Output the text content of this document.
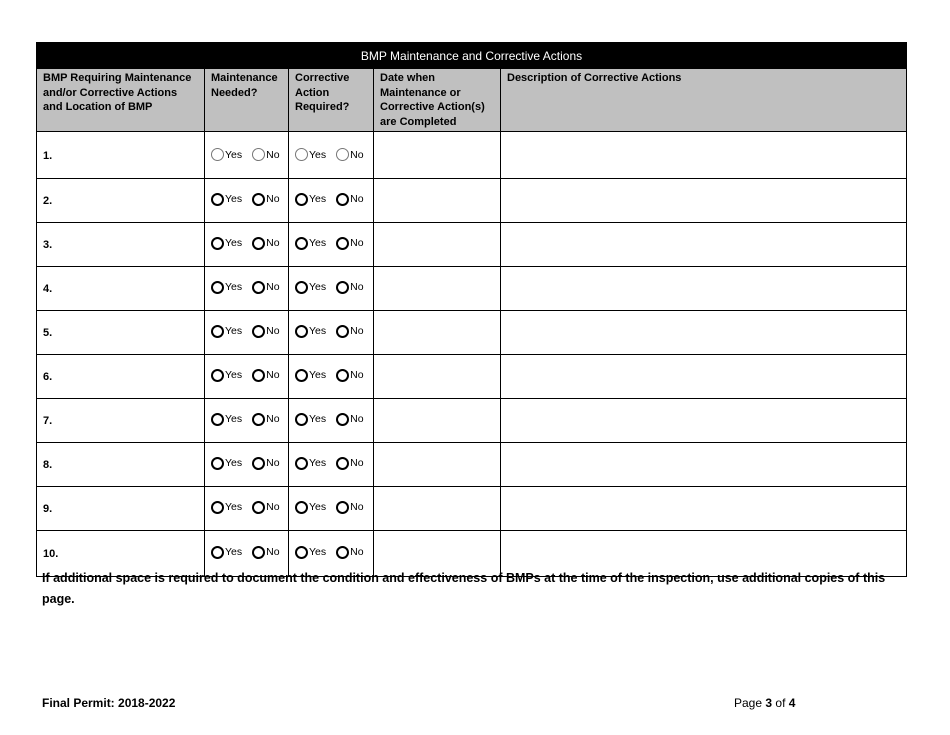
BMP Maintenance and Corrective Actions				
BMP Requiring Maintenance and/or Corrective Actions and Location of BMP	Maintenance Needed?	Corrective Action Required?	Date when Maintenance or Corrective Action(s) are Completed	Description of Corrective Actions
1.	Yes No	Yes No		

2.	Yes No	Yes No		

3.	Yes No	Yes No		

4.	Yes No	Yes No		

5.	Yes No	Yes No		

6.	Yes No	Yes No		

7.	Yes No	Yes No		

8.	Yes No	Yes No		

9.	Yes No	Yes No		

10.	Yes No	Yes No		

If additional space is required to document the condition and effectiveness of BMPs at the time of the inspection, use additional copies of this page.
Final Permit: 2018-2022	Page 3 of 4
